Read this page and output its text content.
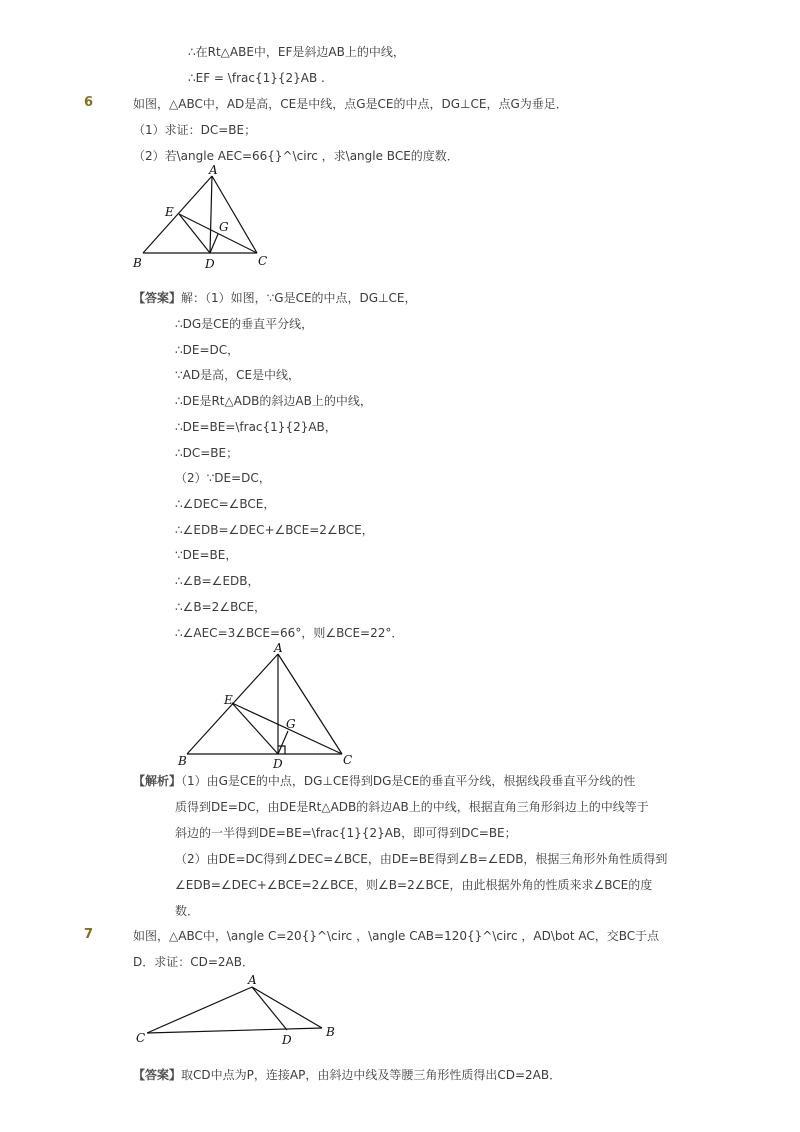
∴在Rt△ABE中，EF是斜边AB上的中线，
∴EF = \frac{1}{2}AB .
6	如图，△ABC中，AD是高，CE是中线，点G是CE的中点，DG⊥CE，点G为垂足．
（1）求证：DC=BE；
（2）若\angle AEC=66{}^\circ ，求\angle BCE的度数．
A
B	C
D
E
G
【答案】解：（1）如图，∵G是CE的中点，DG⊥CE，
∴DG是CE的垂直平分线，
∴DE=DC，
∵AD是高，CE是中线，
∴DE是Rt△ADB的斜边AB上的中线，
∴DE=BE=\frac{1}{2}AB，
∴DC=BE；
（2）∵DE=DC，
∴∠DEC=∠BCE，
∴∠EDB=∠DEC+∠BCE=2∠BCE，
∵DE=BE，
∴∠B=∠EDB，
∴∠B=2∠BCE，
∴∠AEC=3∠BCE=66°，则∠BCE=22°．
A
B	C
D
E
G
【解析】（1）由G是CE的中点，DG⊥CE得到DG是CE的垂直平分线，根据线段垂直平分线的性
质得到DE=DC，由DE是Rt△ADB的斜边AB上的中线，根据直角三角形斜边上的中线等于
斜边的一半得到DE=BE=\frac{1}{2}AB，即可得到DC=BE；
（2）由DE=DC得到∠DEC=∠BCE，由DE=BE得到∠B=∠EDB，根据三角形外角性质得到
∠EDB=∠DEC+∠BCE=2∠BCE，则∠B=2∠BCE，由此根据外角的性质来求∠BCE的度
数．
7	如图，△ABC中，\angle C=20{}^\circ ，\angle CAB=120{}^\circ ，AD\bot AC，交BC于点
D．求证：CD=2AB．
A
C	B
D
【答案】取CD中点为P，连接AP，由斜边中线及等腰三角形性质得出CD=2AB．
